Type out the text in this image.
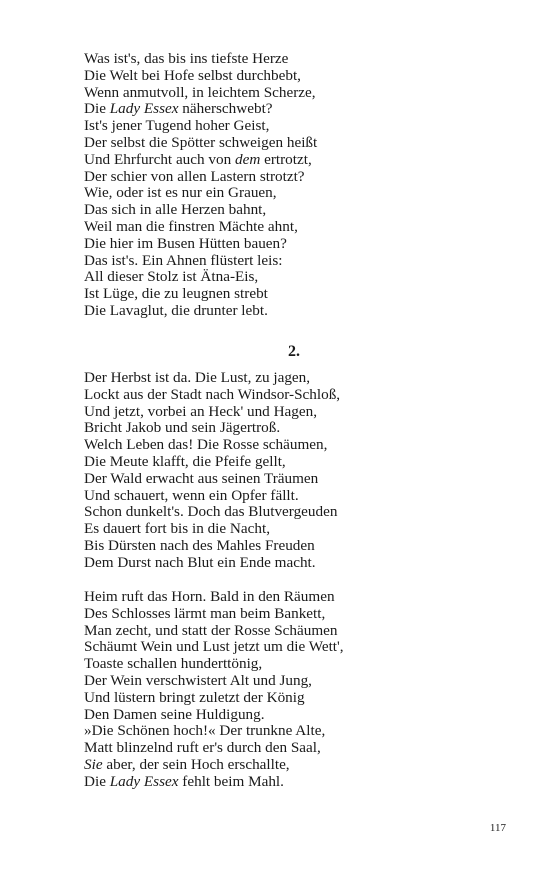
Was ist's, das bis ins tiefste Herze
Die Welt bei Hofe selbst durchbebt,
Wenn anmutvoll, in leichtem Scherze,
Die Lady Essex näherschwebt?
Ist's jener Tugend hoher Geist,
Der selbst die Spötter schweigen heißt
Und Ehrfurcht auch von dem ertrotzt,
Der schier von allen Lastern strotzt?
Wie, oder ist es nur ein Grauen,
Das sich in alle Herzen bahnt,
Weil man die finstren Mächte ahnt,
Die hier im Busen Hütten bauen?
Das ist's. Ein Ahnen flüstert leis:
All dieser Stolz ist Ätna-Eis,
Ist Lüge, die zu leugnen strebt
Die Lavaglut, die drunter lebt.
2.
Der Herbst ist da. Die Lust, zu jagen,
Lockt aus der Stadt nach Windsor-Schloß,
Und jetzt, vorbei an Heck' und Hagen,
Bricht Jakob und sein Jägertroß.
Welch Leben das! Die Rosse schäumen,
Die Meute klafft, die Pfeife gellt,
Der Wald erwacht aus seinen Träumen
Und schauert, wenn ein Opfer fällt.
Schon dunkelt's. Doch das Blutvergeuden
Es dauert fort bis in die Nacht,
Bis Dürsten nach des Mahles Freuden
Dem Durst nach Blut ein Ende macht.
Heim ruft das Horn. Bald in den Räumen
Des Schlosses lärmt man beim Bankett,
Man zecht, und statt der Rosse Schäumen
Schäumt Wein und Lust jetzt um die Wett',
Toaste schallen hunderttönig,
Der Wein verschwistert Alt und Jung,
Und lüstern bringt zuletzt der König
Den Damen seine Huldigung.
»Die Schönen hoch!« Der trunkne Alte,
Matt blinzelnd ruft er's durch den Saal,
Sie aber, der sein Hoch erschallte,
Die Lady Essex fehlt beim Mahl.
117
